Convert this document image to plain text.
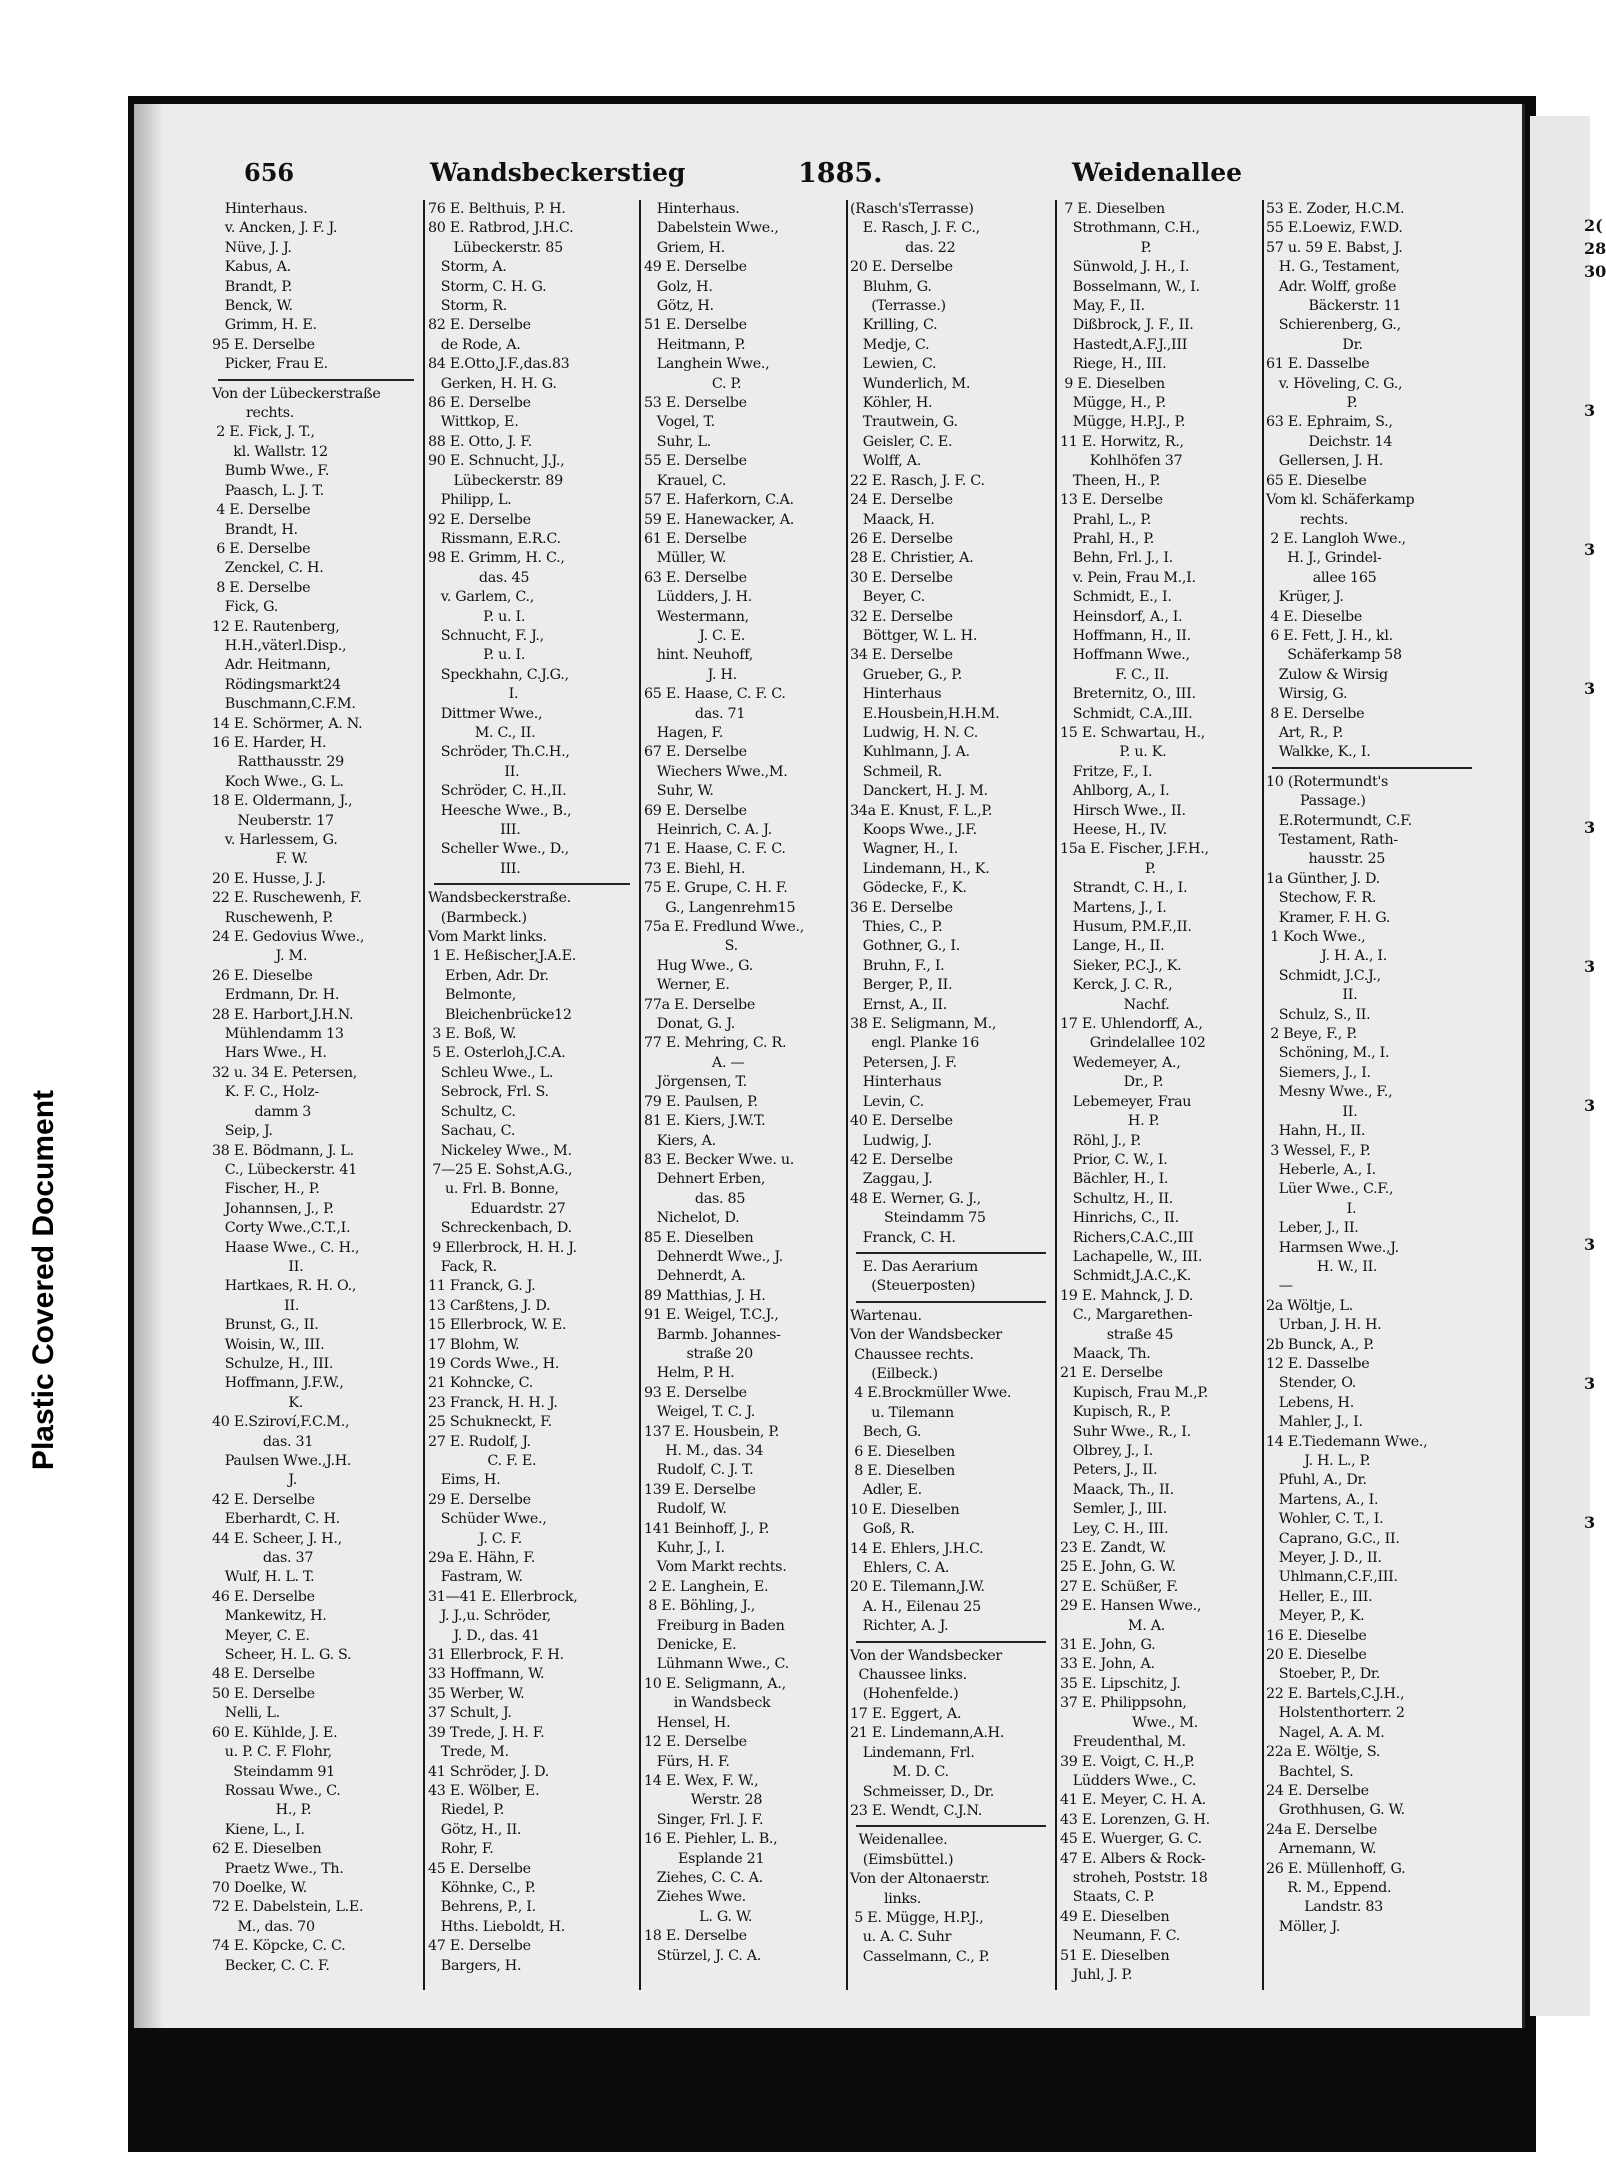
Plastic Covered Document
2(
28
30
3
3
3
3
3
3
3
3
3
656	Wandsbeckerstieg	1885.	Weidenallee
Hinterhaus.
v. Ancken, J. F. J.
Nüve, J. J.
Kabus, A.
Brandt, P.
Benck, W.
Grimm, H. E.
95 E. Derselbe
Picker, Frau E.
Von der Lübeckerstraße
rechts.
2 E. Fick, J. T.,
kl. Wallstr. 12
Bumb Wwe., F.
Paasch, L. J. T.
4 E. Derselbe
Brandt, H.
6 E. Derselbe
Zenckel, C. H.
8 E. Derselbe
Fick, G.
12 E. Rautenberg,
H.H.,väterl.Disp.,
Adr. Heitmann,
Rödingsmarkt24
Buschmann,C.F.M.
14 E. Schörmer, A. N.
16 E. Harder, H.
Ratthausstr. 29
Koch Wwe., G. L.
18 E. Oldermann, J.,
Neuberstr. 17
v. Harlessem, G.
F. W.
20 E. Husse, J. J.
22 E. Ruschewenh, F.
Ruschewenh, P.
24 E. Gedovius Wwe.,
J. M.
26 E. Dieselbe
Erdmann, Dr. H.
28 E. Harbort,J.H.N.
Mühlendamm 13
Hars Wwe., H.
32 u. 34 E. Petersen,
K. F. C., Holz-
damm 3
Seip, J.
38 E. Bödmann, J. L.
C., Lübeckerstr. 41
Fischer, H., P.
Johannsen, J., P.
Corty Wwe.,C.T.,I.
Haase Wwe., C. H.,
II.
Hartkaes, R. H. O.,
II.
Brunst, G., II.
Woisin, W., III.
Schulze, H., III.
Hoffmann, J.F.W.,
K.
40 E.Sziroví,F.C.M.,
das. 31
Paulsen Wwe.,J.H.
J.
42 E. Derselbe
Eberhardt, C. H.
44 E. Scheer, J. H.,
das. 37
Wulf, H. L. T.
46 E. Derselbe
Mankewitz, H.
Meyer, C. E.
Scheer, H. L. G. S.
48 E. Derselbe
50 E. Derselbe
Nelli, L.
60 E. Kühlde, J. E.
u. P. C. F. Flohr,
Steindamm 91
Rossau Wwe., C.
H., P.
Kiene, L., I.
62 E. Dieselben
Praetz Wwe., Th.
70 Doelke, W.
72 E. Dabelstein, L.E.
M., das. 70
74 E. Köpcke, C. C.
Becker, C. C. F.
76 E. Belthuis, P. H.
80 E. Ratbrod, J.H.C.
Lübeckerstr. 85
Storm, A.
Storm, C. H. G.
Storm, R.
82 E. Derselbe
de Rode, A.
84 E.Otto,J.F.,das.83
Gerken, H. H. G.
86 E. Derselbe
Wittkop, E.
88 E. Otto, J. F.
90 E. Schnucht, J.J.,
Lübeckerstr. 89
Philipp, L.
92 E. Derselbe
Rissmann, E.R.C.
98 E. Grimm, H. C.,
das. 45
v. Garlem, C.,
P. u. I.
Schnucht, F. J.,
P. u. I.
Speckhahn, C.J.G.,
I.
Dittmer Wwe.,
M. C., II.
Schröder, Th.C.H.,
II.
Schröder, C. H.,II.
Heesche Wwe., B.,
III.
Scheller Wwe., D.,
III.
Wandsbeckerstraße.
(Barmbeck.)
Vom Markt links.
1 E. Heßischer,J.A.E.
Erben, Adr. Dr.
Belmonte,
Bleichenbrücke12
3 E. Boß, W.
5 E. Osterloh,J.C.A.
Schleu Wwe., L.
Sebrock, Frl. S.
Schultz, C.
Sachau, C.
Nickeley Wwe., M.
7—25 E. Sohst,A.G.,
u. Frl. B. Bonne,
Eduardstr. 27
Schreckenbach, D.
9 Ellerbrock, H. H. J.
Fack, R.
11 Franck, G. J.
13 Carßtens, J. D.
15 Ellerbrock, W. E.
17 Blohm, W.
19 Cords Wwe., H.
21 Kohncke, C.
23 Franck, H. H. J.
25 Schukneckt, F.
27 E. Rudolf, J.
C. F. E.
Eims, H.
29 E. Derselbe
Schüder Wwe.,
J. C. F.
29a E. Hähn, F.
Fastram, W.
31—41 E. Ellerbrock,
J. J.,u. Schröder,
J. D., das. 41
31 Ellerbrock, F. H.
33 Hoffmann, W.
35 Werber, W.
37 Schult, J.
39 Trede, J. H. F.
Trede, M.
41 Schröder, J. D.
43 E. Wölber, E.
Riedel, P.
Götz, H., II.
Rohr, F.
45 E. Derselbe
Köhnke, C., P.
Behrens, P., I.
Hths. Lieboldt, H.
47 E. Derselbe
Bargers, H.
Hinterhaus.
Dabelstein Wwe.,
Griem, H.
49 E. Derselbe
Golz, H.
Götz, H.
51 E. Derselbe
Heitmann, P.
Langhein Wwe.,
C. P.
53 E. Derselbe
Vogel, T.
Suhr, L.
55 E. Derselbe
Krauel, C.
57 E. Haferkorn, C.A.
59 E. Hanewacker, A.
61 E. Derselbe
Müller, W.
63 E. Derselbe
Lüdders, J. H.
Westermann,
J. C. E.
hint. Neuhoff,
J. H.
65 E. Haase, C. F. C.
das. 71
Hagen, F.
67 E. Derselbe
Wiechers Wwe.,M.
Suhr, W.
69 E. Derselbe
Heinrich, C. A. J.
71 E. Haase, C. F. C.
73 E. Biehl, H.
75 E. Grupe, C. H. F.
G., Langenrehm15
75a E. Fredlund Wwe.,
S.
Hug Wwe., G.
Werner, E.
77a E. Derselbe
Donat, G. J.
77 E. Mehring, C. R.
A. —
Jörgensen, T.
79 E. Paulsen, P.
81 E. Kiers, J.W.T.
Kiers, A.
83 E. Becker Wwe. u.
Dehnert Erben,
das. 85
Nichelot, D.
85 E. Dieselben
Dehnerdt Wwe., J.
Dehnerdt, A.
89 Matthias, J. H.
91 E. Weigel, T.C.J.,
Barmb. Johannes-
straße 20
Helm, P. H.
93 E. Derselbe
Weigel, T. C. J.
137 E. Housbein, P.
H. M., das. 34
Rudolf, C. J. T.
139 E. Derselbe
Rudolf, W.
141 Beinhoff, J., P.
Kuhr, J., I.
Vom Markt rechts.
2 E. Langhein, E.
8 E. Böhling, J.,
Freiburg in Baden
Denicke, E.
Lühmann Wwe., C.
10 E. Seligmann, A.,
in Wandsbeck
Hensel, H.
12 E. Derselbe
Fürs, H. F.
14 E. Wex, F. W.,
Werstr. 28
Singer, Frl. J. F.
16 E. Piehler, L. B.,
Esplande 21
Ziehes, C. C. A.
Ziehes Wwe.
L. G. W.
18 E. Derselbe
Stürzel, J. C. A.
(Rasch'sTerrasse)
E. Rasch, J. F. C.,
das. 22
20 E. Derselbe
Bluhm, G.
(Terrasse.)
Krilling, C.
Medje, C.
Lewien, C.
Wunderlich, M.
Köhler, H.
Trautwein, G.
Geisler, C. E.
Wolff, A.
22 E. Rasch, J. F. C.
24 E. Derselbe
Maack, H.
26 E. Derselbe
28 E. Christier, A.
30 E. Derselbe
Beyer, C.
32 E. Derselbe
Böttger, W. L. H.
34 E. Derselbe
Grueber, G., P.
Hinterhaus
E.Housbein,H.H.M.
Ludwig, H. N. C.
Kuhlmann, J. A.
Schmeil, R.
Danckert, H. J. M.
34a E. Knust, F. L.,P.
Koops Wwe., J.F.
Wagner, H., I.
Lindemann, H., K.
Gödecke, F., K.
36 E. Derselbe
Thies, C., P.
Gothner, G., I.
Bruhn, F., I.
Berger, P., II.
Ernst, A., II.
38 E. Seligmann, M.,
engl. Planke 16
Petersen, J. F.
Hinterhaus
Levin, C.
40 E. Derselbe
Ludwig, J.
42 E. Derselbe
Zaggau, J.
48 E. Werner, G. J.,
Steindamm 75
Franck, C. H.
E. Das Aerarium
(Steuerposten)
Wartenau.
Von der Wandsbecker
Chaussee rechts.
(Eilbeck.)
4 E.Brockmüller Wwe.
u. Tilemann
Bech, G.
6 E. Dieselben
8 E. Dieselben
Adler, E.
10 E. Dieselben
Goß, R.
14 E. Ehlers, J.H.C.
Ehlers, C. A.
20 E. Tilemann,J.W.
A. H., Eilenau 25
Richter, A. J.
Von der Wandsbecker
Chaussee links.
(Hohenfelde.)
17 E. Eggert, A.
21 E. Lindemann,A.H.
Lindemann, Frl.
M. D. C.
Schmeisser, D., Dr.
23 E. Wendt, C.J.N.
Weidenallee.
(Eimsbüttel.)
Von der Altonaerstr.
links.
5 E. Mügge, H.P.J.,
u. A. C. Suhr
Casselmann, C., P.
7 E. Dieselben
Strothmann, C.H.,
P.
Sünwold, J. H., I.
Bosselmann, W., I.
May, F., II.
Dißbrock, J. F., II.
Hastedt,A.F.J.,III
Riege, H., III.
9 E. Dieselben
Mügge, H., P.
Mügge, H.P.J., P.
11 E. Horwitz, R.,
Kohlhöfen 37
Theen, H., P.
13 E. Derselbe
Prahl, L., P.
Prahl, H., P.
Behn, Frl. J., I.
v. Pein, Frau M.,I.
Schmidt, E., I.
Heinsdorf, A., I.
Hoffmann, H., II.
Hoffmann Wwe.,
F. C., II.
Breternitz, O., III.
Schmidt, C.A.,III.
15 E. Schwartau, H.,
P. u. K.
Fritze, F., I.
Ahlborg, A., I.
Hirsch Wwe., II.
Heese, H., IV.
15a E. Fischer, J.F.H.,
P.
Strandt, C. H., I.
Martens, J., I.
Husum, P.M.F.,II.
Lange, H., II.
Sieker, P.C.J., K.
Kerck, J. C. R.,
Nachf.
17 E. Uhlendorff, A.,
Grindelallee 102
Wedemeyer, A.,
Dr., P.
Lebemeyer, Frau
H. P.
Röhl, J., P.
Prior, C. W., I.
Bächler, H., I.
Schultz, H., II.
Hinrichs, C., II.
Richers,C.A.C.,III
Lachapelle, W., III.
Schmidt,J.A.C.,K.
19 E. Mahnck, J. D.
C., Margarethen-
straße 45
Maack, Th.
21 E. Derselbe
Kupisch, Frau M.,P.
Kupisch, R., P.
Suhr Wwe., R., I.
Olbrey, J., I.
Peters, J., II.
Maack, Th., II.
Semler, J., III.
Ley, C. H., III.
23 E. Zandt, W.
25 E. John, G. W.
27 E. Schüßer, F.
29 E. Hansen Wwe.,
M. A.
31 E. John, G.
33 E. John, A.
35 E. Lipschitz, J.
37 E. Philippsohn,
Wwe., M.
Freudenthal, M.
39 E. Voigt, C. H.,P.
Lüdders Wwe., C.
41 E. Meyer, C. H. A.
43 E. Lorenzen, G. H.
45 E. Wuerger, G. C.
47 E. Albers & Rock-
stroheh, Poststr. 18
Staats, C. P.
49 E. Dieselben
Neumann, F. C.
51 E. Dieselben
Juhl, J. P.
53 E. Zoder, H.C.M.
55 E.Loewiz, F.W.D.
57 u. 59 E. Babst, J.
H. G., Testament,
Adr. Wolff, große
Bäckerstr. 11
Schierenberg, G.,
Dr.
61 E. Dasselbe
v. Höveling, C. G.,
P.
63 E. Ephraim, S.,
Deichstr. 14
Gellersen, J. H.
65 E. Dieselbe
Vom kl. Schäferkamp
rechts.
2 E. Langloh Wwe.,
H. J., Grindel-
allee 165
Krüger, J.
4 E. Dieselbe
6 E. Fett, J. H., kl.
Schäferkamp 58
Zulow & Wirsig
Wirsig, G.
8 E. Derselbe
Art, R., P.
Walkke, K., I.
10 (Rotermundt's
Passage.)
E.Rotermundt, C.F.
Testament, Rath-
hausstr. 25
1a Günther, J. D.
Stechow, F. R.
Kramer, F. H. G.
1 Koch Wwe.,
J. H. A., I.
Schmidt, J.C.J.,
II.
Schulz, S., II.
2 Beye, F., P.
Schöning, M., I.
Siemers, J., I.
Mesny Wwe., F.,
II.
Hahn, H., II.
3 Wessel, F., P.
Heberle, A., I.
Lüer Wwe., C.F.,
I.
Leber, J., II.
Harmsen Wwe.,J.
H. W., II.
—
2a Wöltje, L.
Urban, J. H. H.
2b Bunck, A., P.
12 E. Dasselbe
Stender, O.
Lebens, H.
Mahler, J., I.
14 E.Tiedemann Wwe.,
J. H. L., P.
Pfuhl, A., Dr.
Martens, A., I.
Wohler, C. T., I.
Caprano, G.C., II.
Meyer, J. D., II.
Uhlmann,C.F.,III.
Heller, E., III.
Meyer, P., K.
16 E. Dieselbe
20 E. Dieselbe
Stoeber, P., Dr.
22 E. Bartels,C.J.H.,
Holstenthorterr. 2
Nagel, A. A. M.
22a E. Wöltje, S.
Bachtel, S.
24 E. Derselbe
Grothhusen, G. W.
24a E. Derselbe
Arnemann, W.
26 E. Müllenhoff, G.
R. M., Eppend.
Landstr. 83
Möller, J.
